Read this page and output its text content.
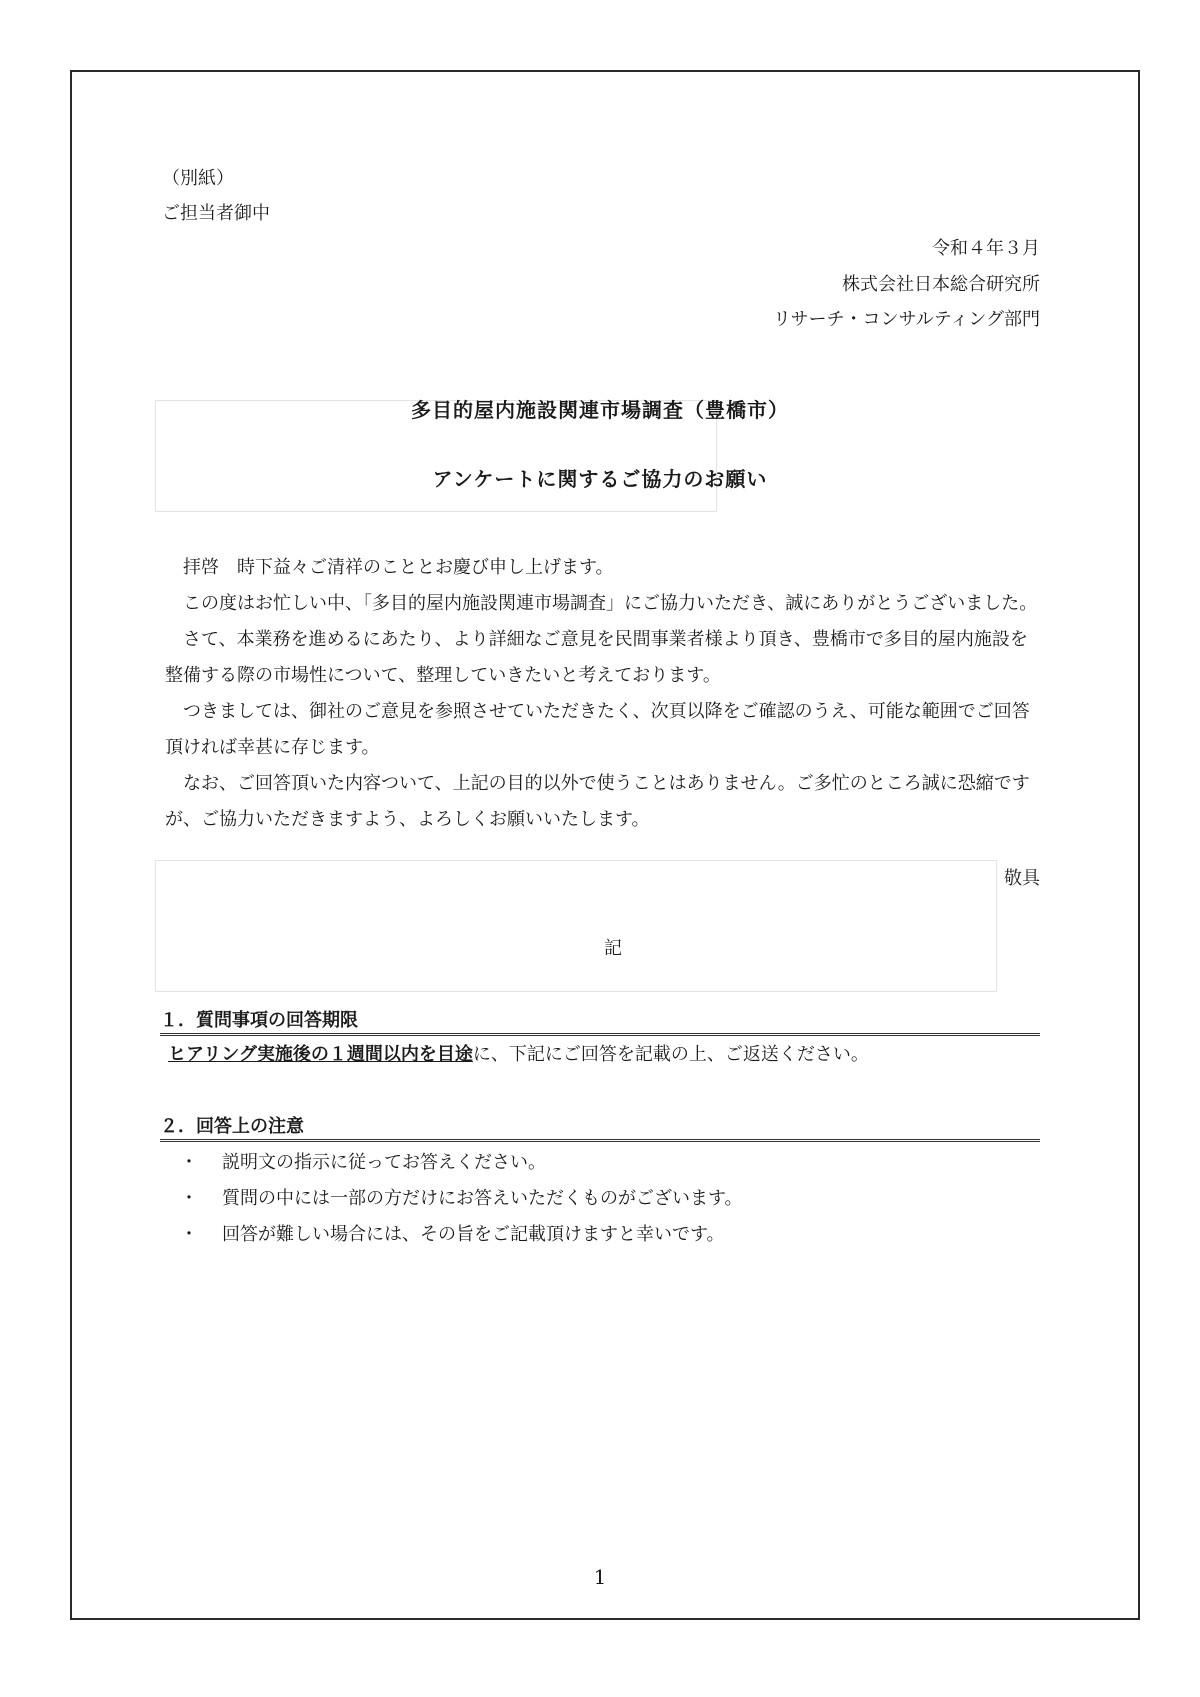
（別紙）
ご担当者御中
令和４年３月
株式会社日本総合研究所
リサーチ・コンサルティング部門
多目的屋内施設関連市場調査（豊橋市）
アンケートに関するご協力のお願い

拝啓　時下益々ご清祥のこととお慶び申し上げます。

この度はお忙しい中、「多目的屋内施設関連市場調査」にご協力いただき、誠にありがとうございました。

さて、本業務を進めるにあたり、より詳細なご意見を民間事業者様より頂き、豊橋市で多目的屋内施設を整備する際の市場性について、整理していきたいと考えております。

つきましては、御社のご意見を参照させていただきたく、次頁以降をご確認のうえ、可能な範囲でご回答頂ければ幸甚に存じます。

なお、ご回答頂いた内容ついて、上記の目的以外で使うことはありません。ご多忙のところ誠に恐縮ですが、ご協力いただきますよう、よろしくお願いいたします。

敬具
記
１．質問事項の回答期限
ヒアリング実施後の１週間以内を目途に、下記にご回答を記載の上、ご返送ください。
２．回答上の注意
・ 説明文の指示に従ってお答えください。
・ 質問の中には一部の方だけにお答えいただくものがございます。
・ 回答が難しい場合には、その旨をご記載頂けますと幸いです。
1
